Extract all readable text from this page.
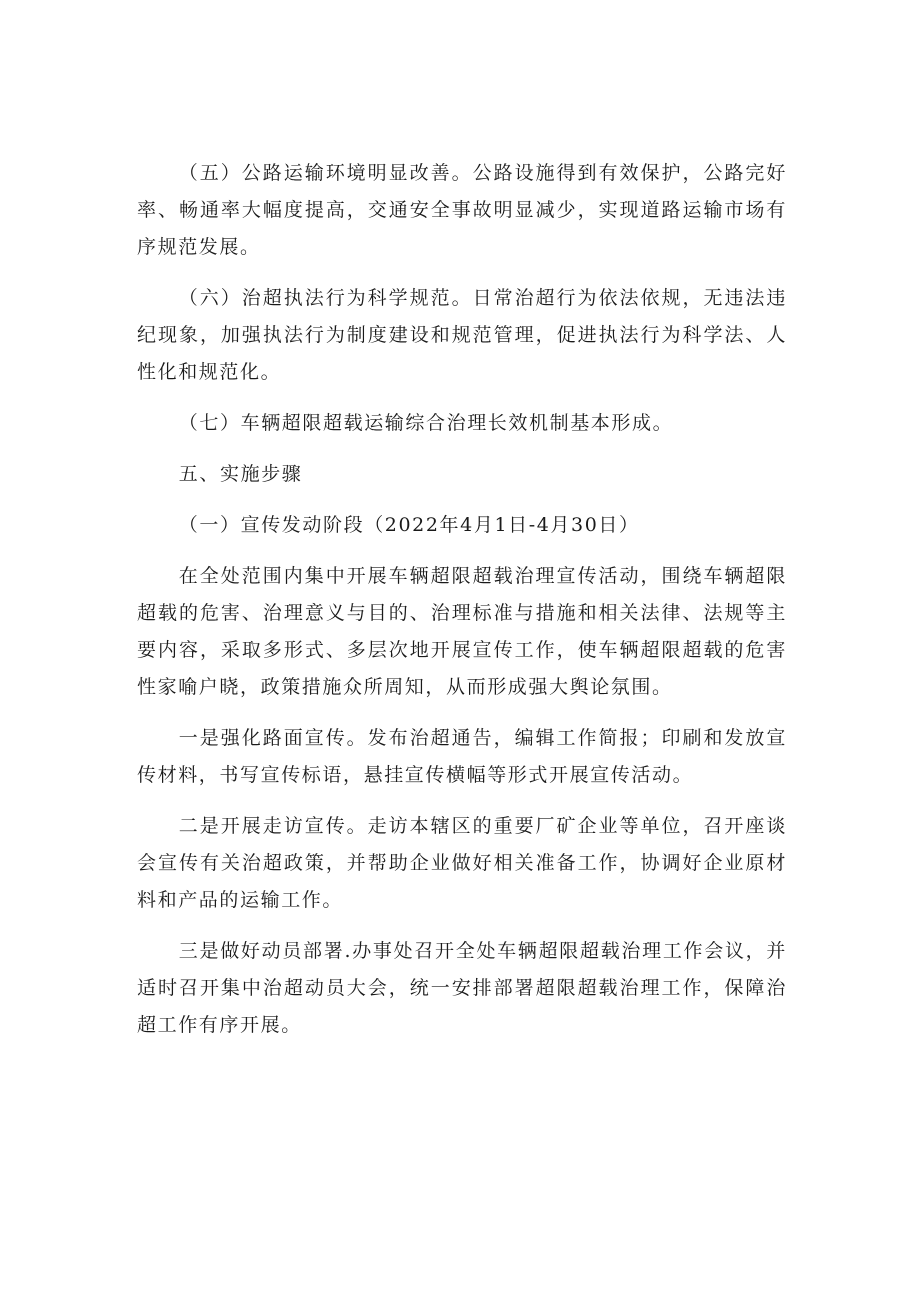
（五）公路运输环境明显改善。公路设施得到有效保护，公路完好率、畅通率大幅度提高，交通安全事故明显减少，实现道路运输市场有序规范发展。

（六）治超执法行为科学规范。日常治超行为依法依规，无违法违纪现象，加强执法行为制度建设和规范管理，促进执法行为科学法、人性化和规范化。

（七）车辆超限超载运输综合治理长效机制基本形成。

五、实施步骤

（一）宣传发动阶段（2022年4月1日-4月30日）

在全处范围内集中开展车辆超限超载治理宣传活动，围绕车辆超限超载的危害、治理意义与目的、治理标准与措施和相关法律、法规等主要内容，采取多形式、多层次地开展宣传工作，使车辆超限超载的危害性家喻户晓，政策措施众所周知，从而形成强大舆论氛围。

一是强化路面宣传。发布治超通告，编辑工作简报；印刷和发放宣传材料，书写宣传标语，悬挂宣传横幅等形式开展宣传活动。

二是开展走访宣传。走访本辖区的重要厂矿企业等单位，召开座谈会宣传有关治超政策，并帮助企业做好相关准备工作，协调好企业原材料和产品的运输工作。

三是做好动员部署.办事处召开全处车辆超限超载治理工作会议，并适时召开集中治超动员大会，统一安排部署超限超载治理工作，保障治超工作有序开展。
